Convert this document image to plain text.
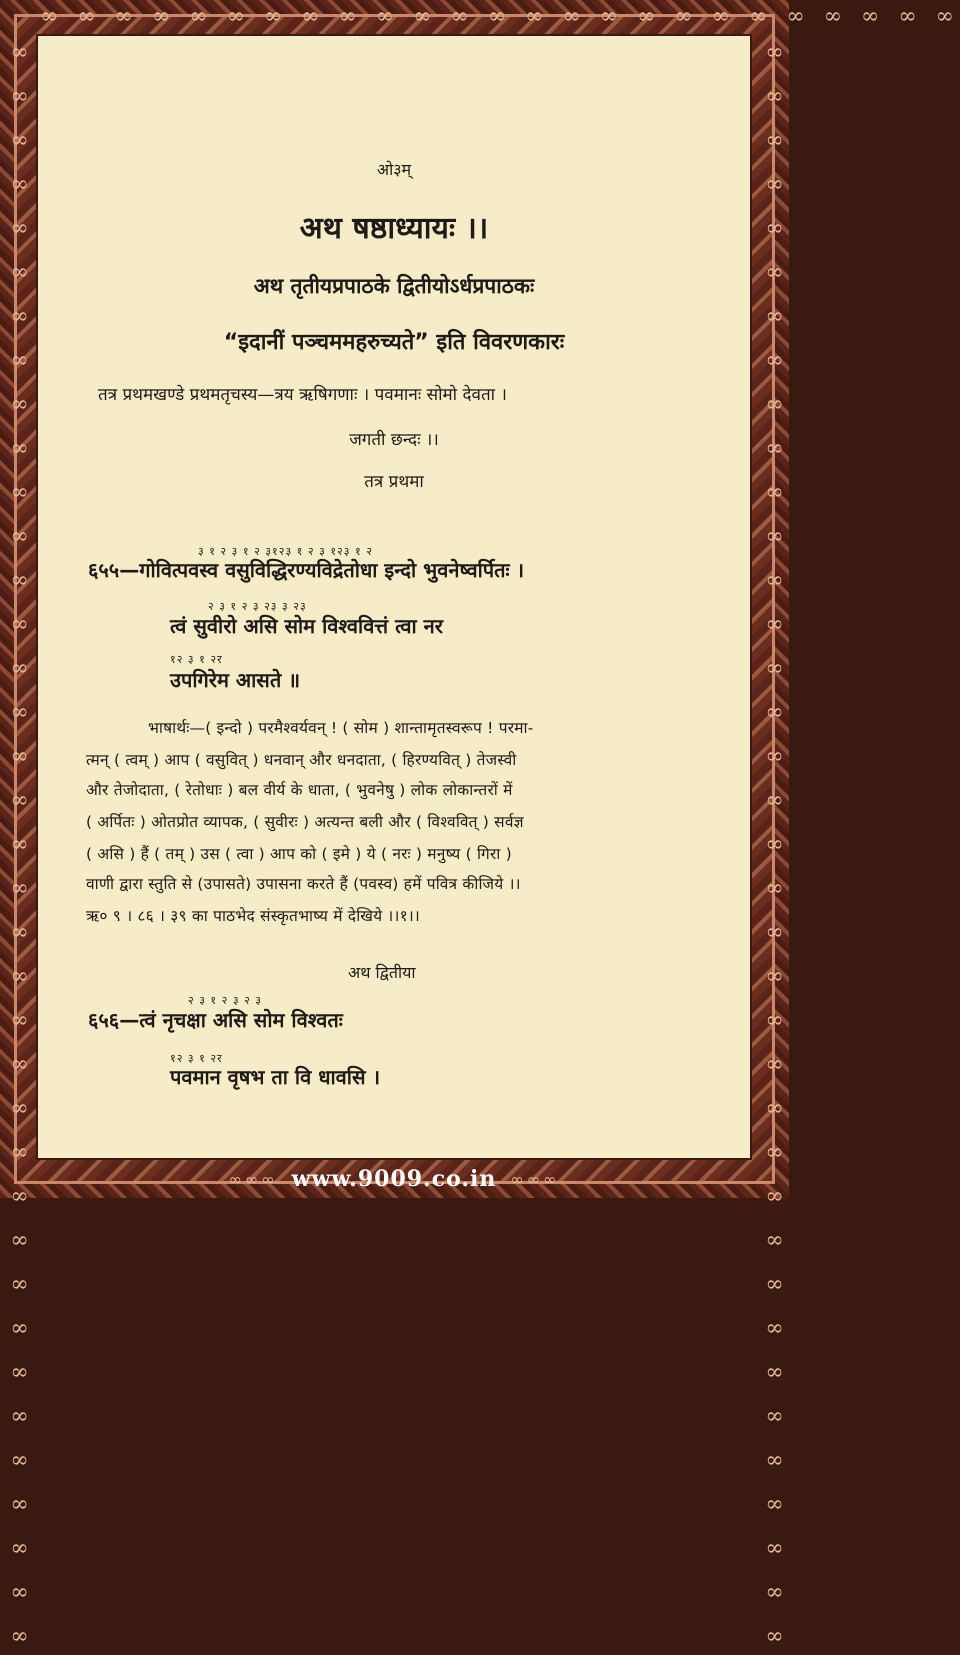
∞ ∞ ∞ ∞ ∞ ∞ ∞ ∞ ∞ ∞ ∞ ∞ ∞ ∞ ∞ ∞ ∞ ∞ ∞ ∞ ∞ ∞ ∞ ∞ ∞
∞ ∞ ∞ ∞ ∞ ∞ ∞ ∞ ∞ ∞ ∞ ∞ ∞ ∞ ∞ ∞ ∞ ∞ ∞ ∞ ∞ ∞ ∞ ∞ ∞ ∞ ∞ ∞ ∞ ∞ ∞ ∞ ∞ ∞ ∞ ∞ ∞	∞ ∞ ∞ ∞ ∞ ∞ ∞ ∞ ∞ ∞ ∞ ∞ ∞ ∞ ∞ ∞ ∞ ∞ ∞ ∞ ∞ ∞ ∞ ∞ ∞ ∞ ∞ ∞ ∞ ∞ ∞ ∞ ∞ ∞ ∞ ∞ ∞
ओ३म्
अथ षष्ठाध्यायः ।।
अथ तृतीयप्रपाठके द्वितीयोऽर्धप्रपाठकः
“इदानीं पञ्चममहरुच्यते” इति विवरणकारः
तत्र प्रथमखण्डे प्रथमतृचस्य—त्रय ऋषिगणाः । पवमानः सोमो देवता ।
जगती छन्दः ।।
तत्र प्रथमा
३ १ २ ३ १ २ ३१२३ १ २ ३ १२३ १ २
६५५—गोवित्पवस्व वसुविद्धिरण्यविद्रेतोधा इन्दो भुवनेष्वर्पितः ।
२ ३ १ २ ३ २३ ३ २३
त्वं सुवीरो असि सोम विश्ववित्तं त्वा नर
१२ ३ १ २र
उपगिरेम आसते ॥
भाषार्थः—( इन्दो ) परमैश्वर्यवन् ! ( सोम ) शान्तामृतस्वरूप ! परमा-
त्मन् ( त्वम् ) आप ( वसुवित् ) धनवान् और धनदाता, ( हिरण्यवित् ) तेजस्वी
और तेजोदाता, ( रेतोधाः ) बल वीर्य के धाता, ( भुवनेषु ) लोक लोकान्तरों में
( अर्पितः ) ओतप्रोत व्यापक, ( सुवीरः ) अत्यन्त बली और ( विश्ववित् ) सर्वज्ञ
( असि ) हैं ( तम् ) उस ( त्वा ) आप को ( इमे ) ये ( नरः ) मनुष्य ( गिरा )
वाणी द्वारा स्तुति से (उपासते) उपासना करते हैं (पवस्व) हमें पवित्र कीजिये ।।
ऋ० ९ । ८६ । ३९ का पाठभेद संस्कृतभाष्य में देखिये ।।१।।
अथ द्वितीया
२ ३ १ २ ३ २ ३
६५६—त्वं नृचक्षा असि सोम विश्वतः
१२ ३ १ २र
पवमान वृषभ ता वि धावसि ।
∞∞∞ www.9009.co.in ∞∞∞
